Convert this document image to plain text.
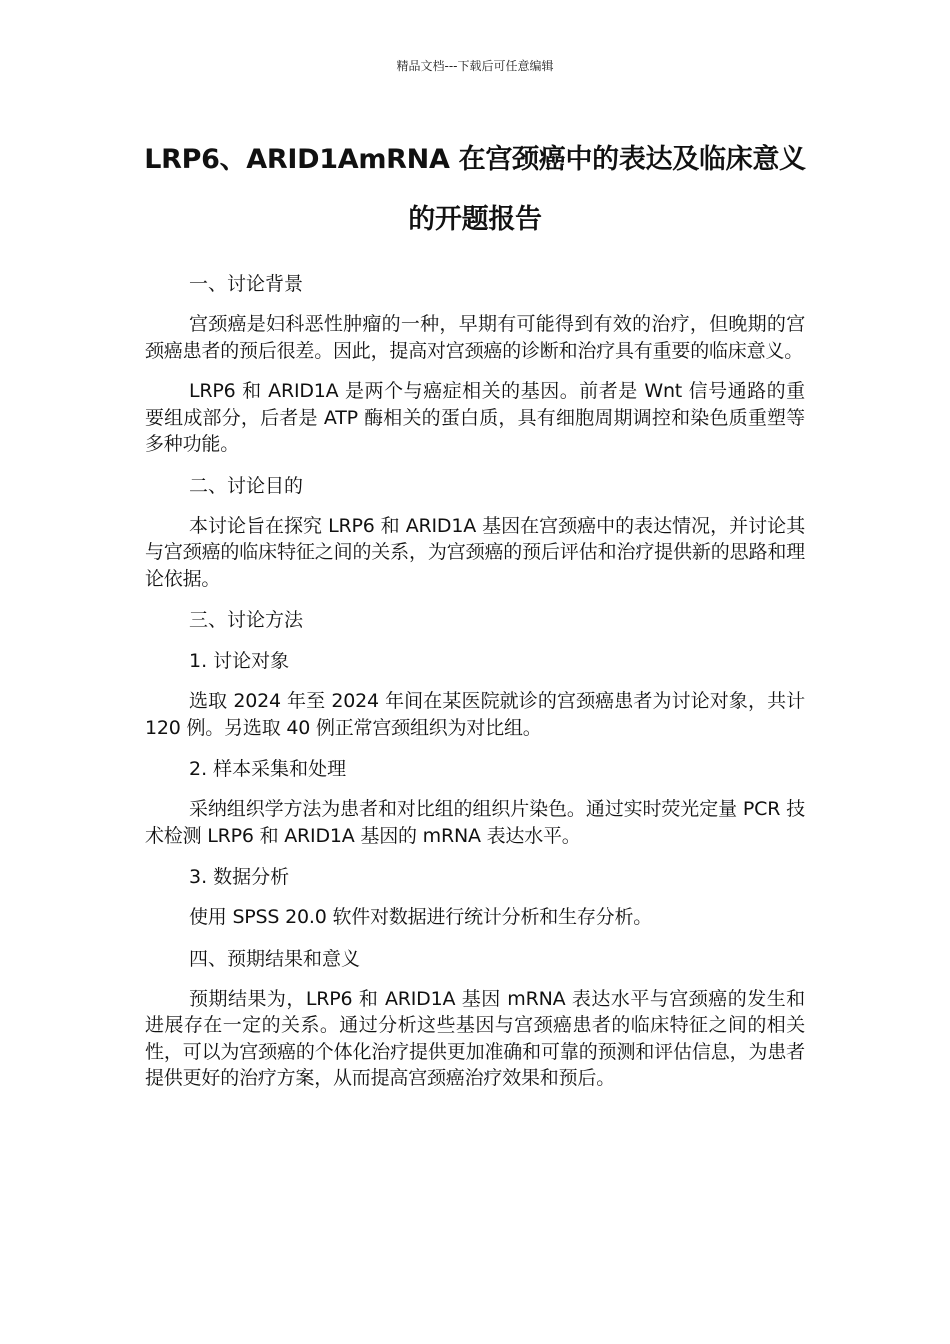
精品文档---下载后可任意编辑
LRP6、ARID1AmRNA 在宫颈癌中的表达及临床意义的开题报告

一、讨论背景

宫颈癌是妇科恶性肿瘤的一种，早期有可能得到有效的治疗，但晚期的宫颈癌患者的预后很差。因此，提高对宫颈癌的诊断和治疗具有重要的临床意义。

LRP6 和 ARID1A 是两个与癌症相关的基因。前者是 Wnt 信号通路的重要组成部分，后者是 ATP 酶相关的蛋白质，具有细胞周期调控和染色质重塑等多种功能。

二、讨论目的

本讨论旨在探究 LRP6 和 ARID1A 基因在宫颈癌中的表达情况，并讨论其与宫颈癌的临床特征之间的关系，为宫颈癌的预后评估和治疗提供新的思路和理论依据。

三、讨论方法

1. 讨论对象

选取 2024 年至 2024 年间在某医院就诊的宫颈癌患者为讨论对象，共计 120 例。另选取 40 例正常宫颈组织为对比组。

2. 样本采集和处理

采纳组织学方法为患者和对比组的组织片染色。通过实时荧光定量 PCR 技术检测 LRP6 和 ARID1A 基因的 mRNA 表达水平。

3. 数据分析

使用 SPSS 20.0 软件对数据进行统计分析和生存分析。

四、预期结果和意义

预期结果为，LRP6 和 ARID1A 基因 mRNA 表达水平与宫颈癌的发生和进展存在一定的关系。通过分析这些基因与宫颈癌患者的临床特征之间的相关性，可以为宫颈癌的个体化治疗提供更加准确和可靠的预测和评估信息，为患者提供更好的治疗方案，从而提高宫颈癌治疗效果和预后。
